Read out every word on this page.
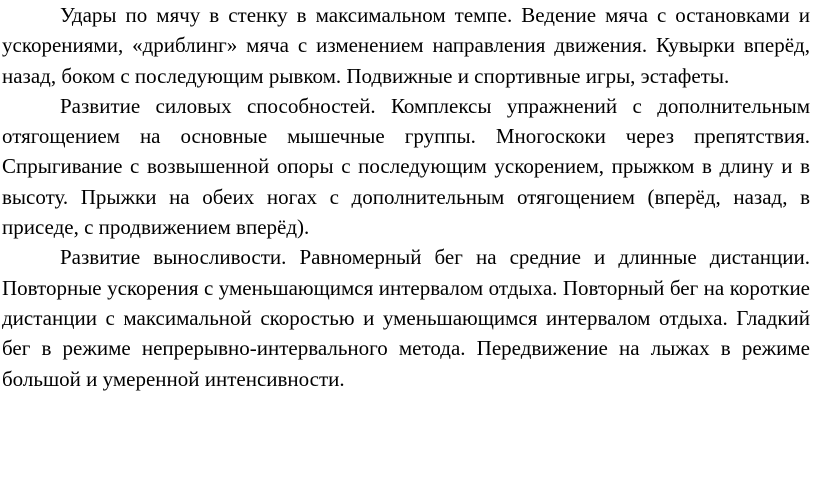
Удары по мячу в стенку в максимальном темпе. Ведение мяча с остановками и ускорениями, «дриблинг» мяча с изменением направления движения. Кувырки вперёд, назад, боком с последующим рывком. Подвижные и спортивные игры, эстафеты.

Развитие силовых способностей. Комплексы упражнений с дополнительным отягощением на основные мышечные группы. Многоскоки через препятствия. Спрыгивание с возвышенной опоры с последующим ускорением, прыжком в длину и в высоту. Прыжки на обеих ногах с дополнительным отягощением (вперёд, назад, в приседе, с продвижением вперёд).

Развитие выносливости. Равномерный бег на средние и длинные дистанции. Повторные ускорения с уменьшающимся интервалом отдыха. Повторный бег на короткие дистанции с максимальной скоростью и уменьшающимся интервалом отдыха. Гладкий бег в режиме непрерывно-интервального метода. Передвижение на лыжах в режиме большой и умеренной интенсивности.
